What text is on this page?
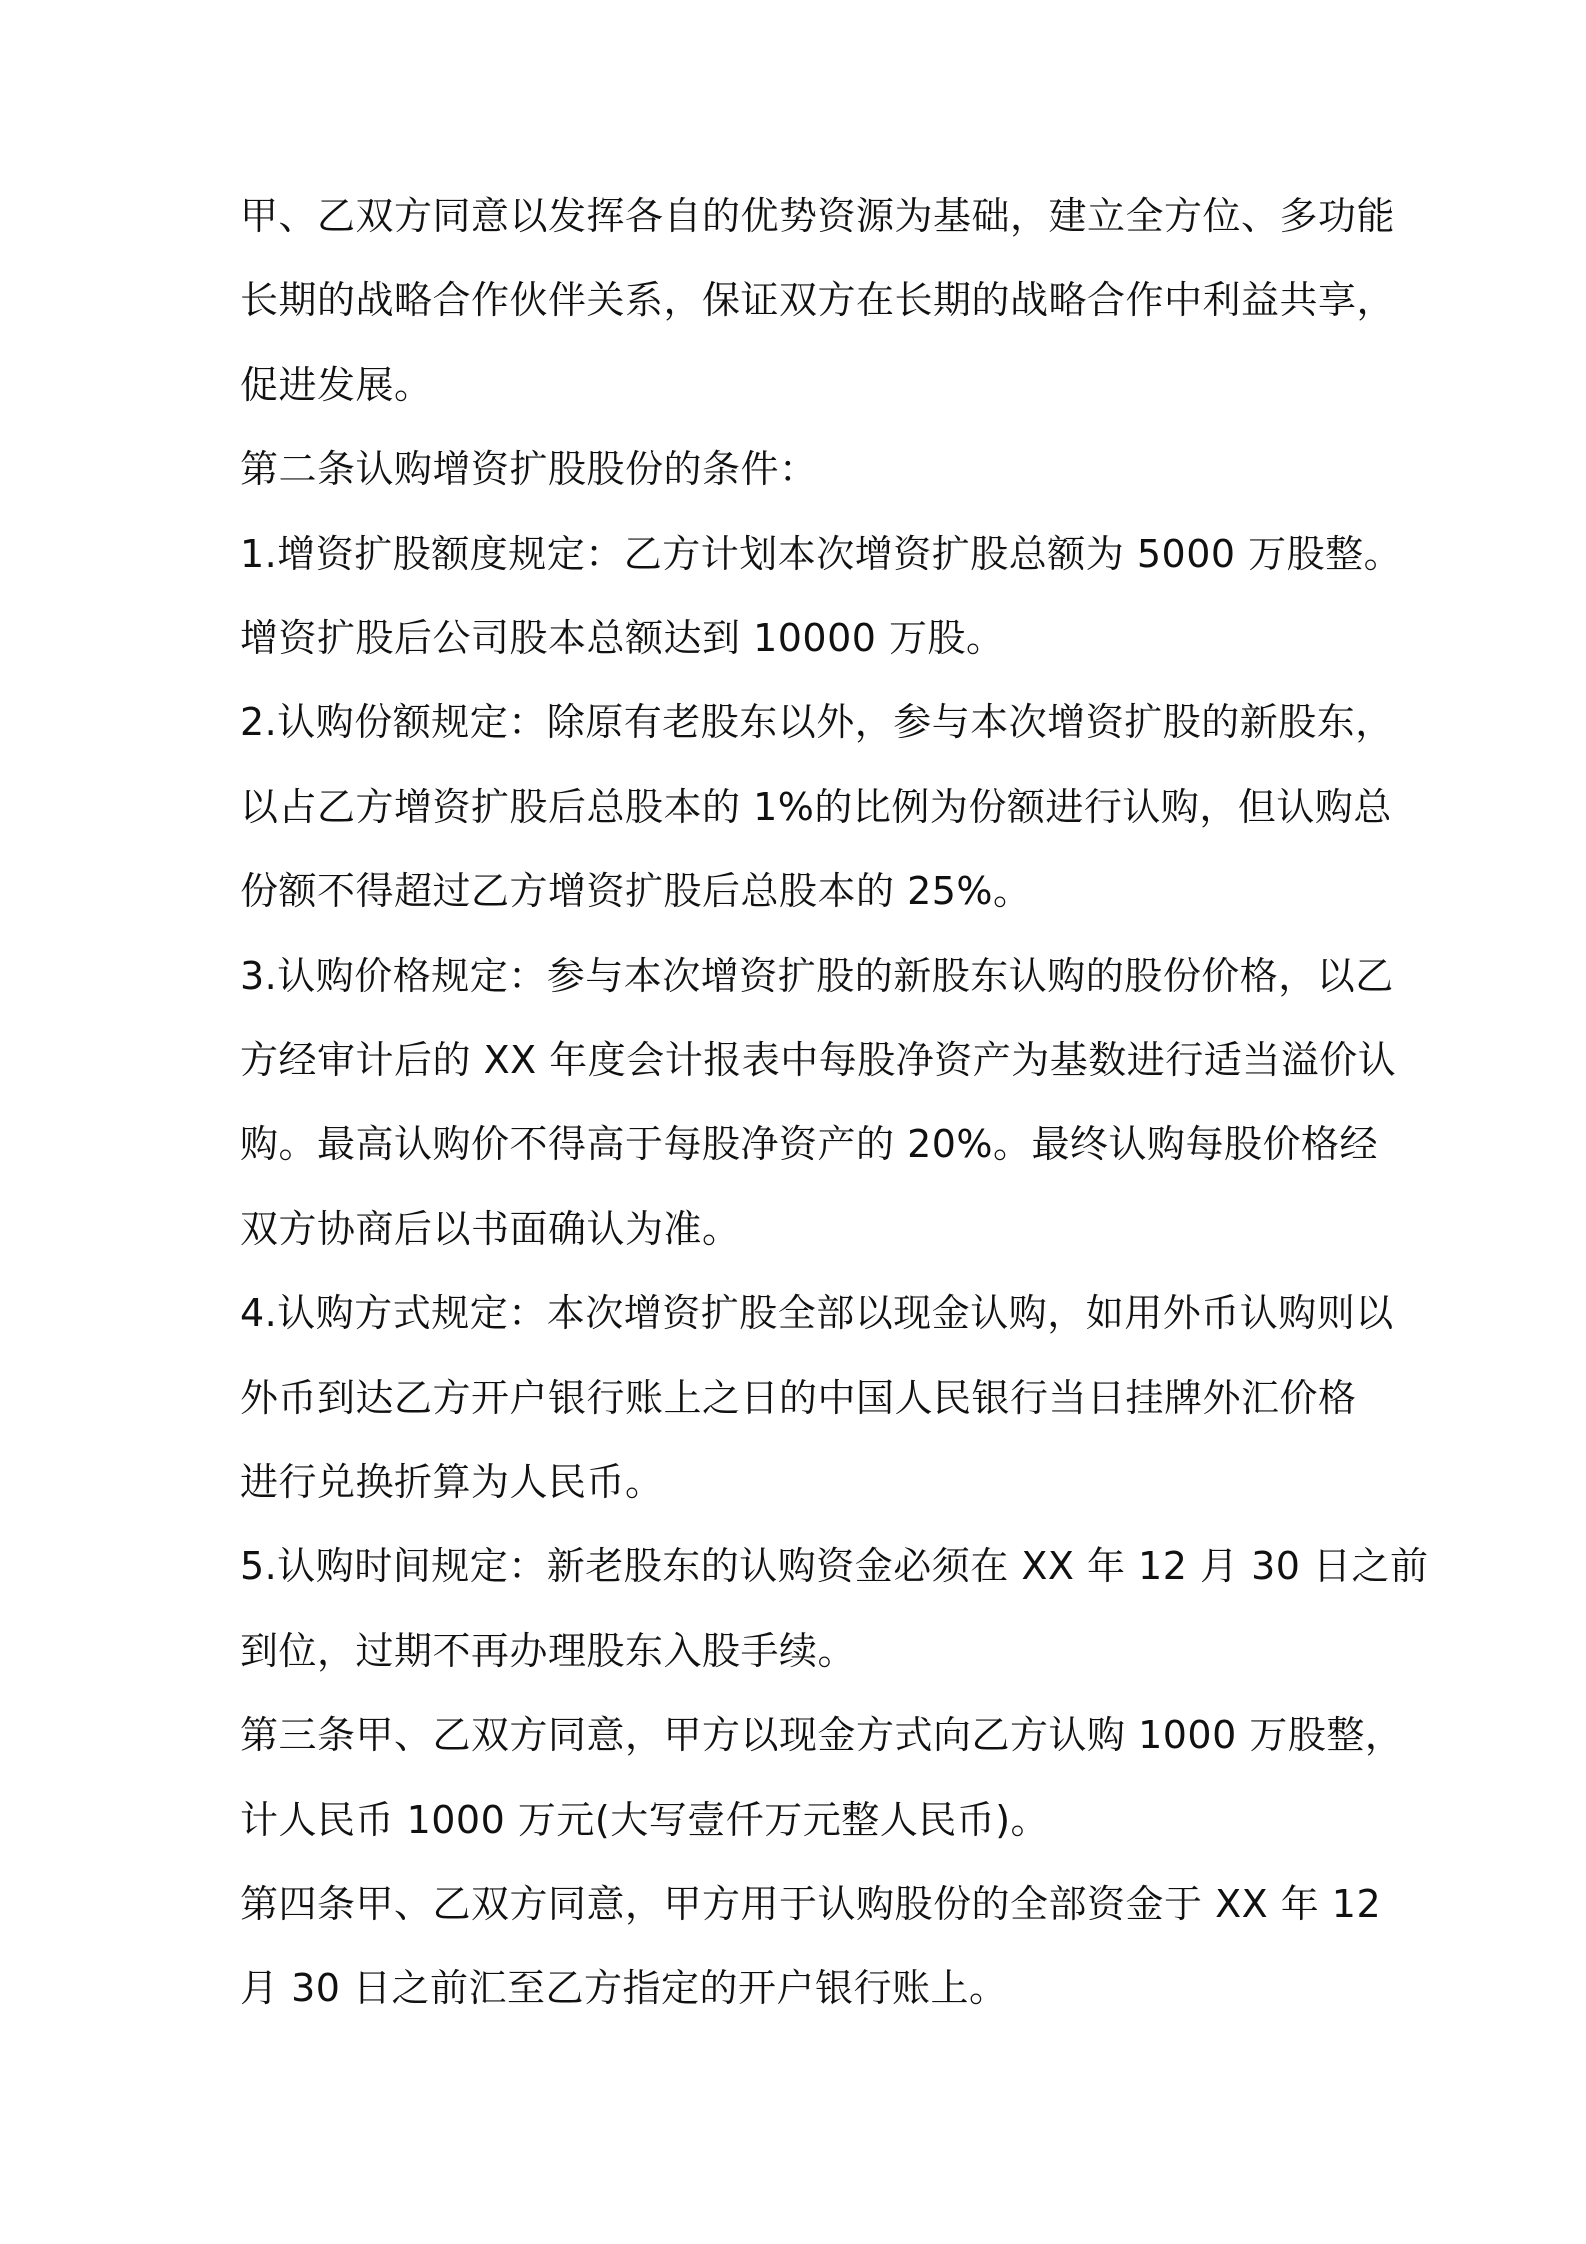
甲、乙双方同意以发挥各自的优势资源为基础，建立全方位、多功能

长期的战略合作伙伴关系，保证双方在长期的战略合作中利益共享，

促进发展。

第二条认购增资扩股股份的条件：

1.增资扩股额度规定：乙方计划本次增资扩股总额为 5000 万股整。

增资扩股后公司股本总额达到 10000 万股。

2.认购份额规定：除原有老股东以外，参与本次增资扩股的新股东，

以占乙方增资扩股后总股本的 1%的比例为份额进行认购，但认购总

份额不得超过乙方增资扩股后总股本的 25%。

3.认购价格规定：参与本次增资扩股的新股东认购的股份价格，以乙

方经审计后的 XX 年度会计报表中每股净资产为基数进行适当溢价认

购。最高认购价不得高于每股净资产的 20%。最终认购每股价格经

双方协商后以书面确认为准。

4.认购方式规定：本次增资扩股全部以现金认购，如用外币认购则以

外币到达乙方开户银行账上之日的中国人民银行当日挂牌外汇价格

进行兑换折算为人民币。

5.认购时间规定：新老股东的认购资金必须在 XX 年 12 月 30 日之前

到位，过期不再办理股东入股手续。

第三条甲、乙双方同意，甲方以现金方式向乙方认购 1000 万股整，

计人民币 1000 万元(大写壹仟万元整人民币)。

第四条甲、乙双方同意，甲方用于认购股份的全部资金于 XX 年 12

月 30 日之前汇至乙方指定的开户银行账上。
